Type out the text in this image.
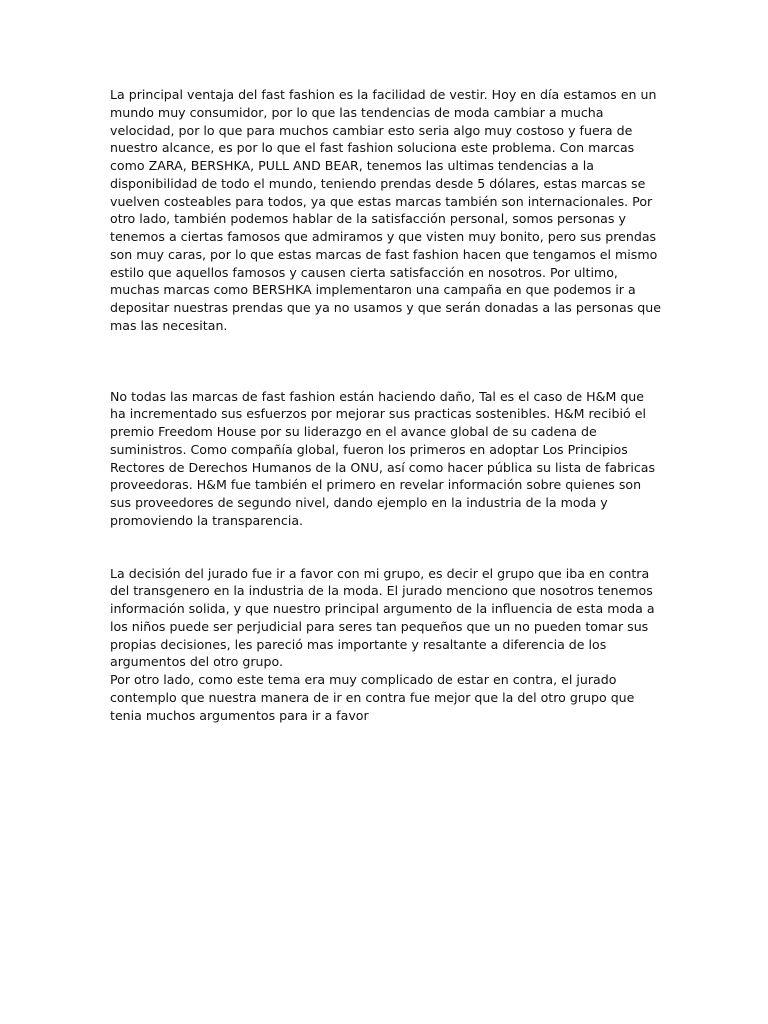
La principal ventaja del fast fashion es la facilidad de vestir. Hoy en día estamos en un
mundo muy consumidor, por lo que las tendencias de moda cambiar a mucha
velocidad, por lo que para muchos cambiar esto seria algo muy costoso y fuera de
nuestro alcance, es por lo que el fast fashion soluciona este problema. Con marcas
como ZARA, BERSHKA, PULL AND BEAR, tenemos las ultimas tendencias a la
disponibilidad de todo el mundo, teniendo prendas desde 5 dólares, estas marcas se
vuelven costeables para todos, ya que estas marcas también son internacionales. Por
otro lado, también podemos hablar de la satisfacción personal, somos personas y
tenemos a ciertas famosos que admiramos y que visten muy bonito, pero sus prendas
son muy caras, por lo que estas marcas de fast fashion hacen que tengamos el mismo
estilo que aquellos famosos y causen cierta satisfacción en nosotros. Por ultimo,
muchas marcas como BERSHKA implementaron una campaña en que podemos ir a
depositar nuestras prendas que ya no usamos y que serán donadas a las personas que
mas las necesitan.

No todas las marcas de fast fashion están haciendo daño, Tal es el caso de H&M que
ha incrementado sus esfuerzos por mejorar sus practicas sostenibles. H&M recibió el
premio Freedom House por su liderazgo en el avance global de su cadena de
suministros. Como compañía global, fueron los primeros en adoptar Los Principios
Rectores de Derechos Humanos de la ONU, así como hacer pública su lista de fabricas
proveedoras. H&M fue también el primero en revelar información sobre quienes son
sus proveedores de segundo nivel, dando ejemplo en la industria de la moda y
promoviendo la transparencia.

La decisión del jurado fue ir a favor con mi grupo, es decir el grupo que iba en contra
del transgenero en la industria de la moda. El jurado menciono que nosotros tenemos
información solida, y que nuestro principal argumento de la influencia de esta moda a
los niños puede ser perjudicial para seres tan pequeños que un no pueden tomar sus
propias decisiones, les pareció mas importante y resaltante a diferencia de los
argumentos del otro grupo.
Por otro lado, como este tema era muy complicado de estar en contra, el jurado
contemplo que nuestra manera de ir en contra fue mejor que la del otro grupo que
tenia muchos argumentos para ir a favor
